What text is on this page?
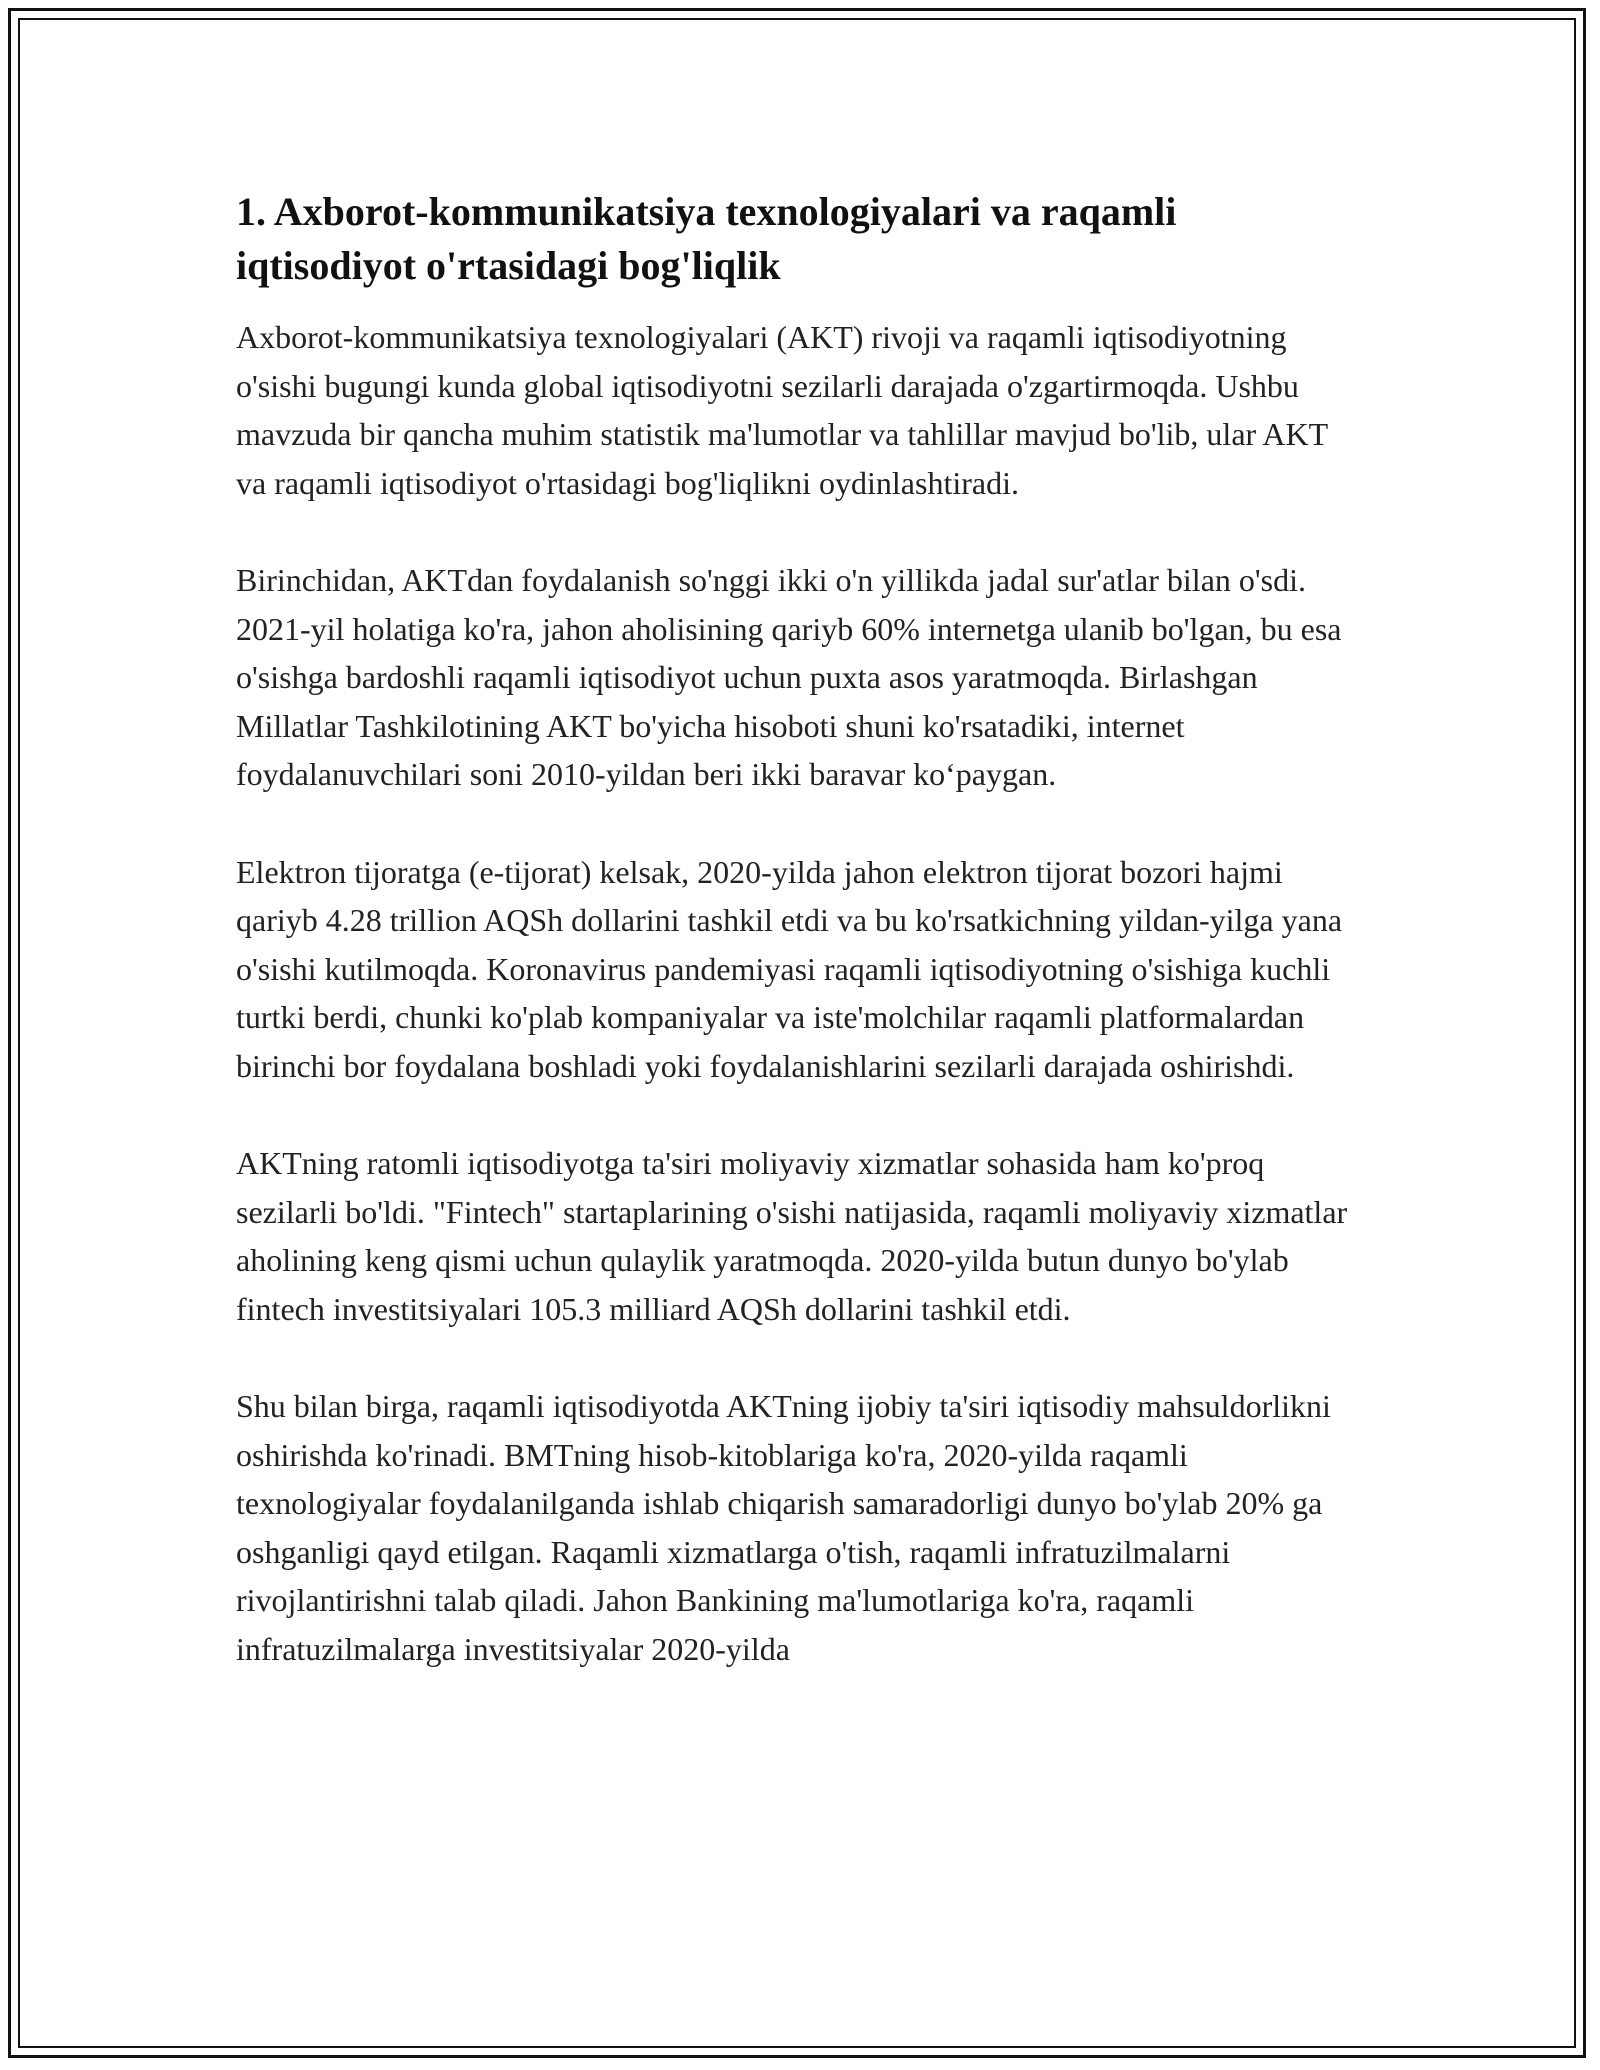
1. Axborot-kommunikatsiya texnologiyalari va raqamli iqtisodiyot o'rtasidagi bog'liqlik

Axborot-kommunikatsiya texnologiyalari (AKT) rivoji va raqamli iqtisodiyotning o'sishi bugungi kunda global iqtisodiyotni sezilarli darajada o'zgartirmoqda. Ushbu mavzuda bir qancha muhim statistik ma'lumotlar va tahlillar mavjud bo'lib, ular AKT va raqamli iqtisodiyot o'rtasidagi bog'liqlikni oydinlashtiradi.

Birinchidan, AKTdan foydalanish so'nggi ikki o'n yillikda jadal sur'atlar bilan o'sdi. 2021-yil holatiga ko'ra, jahon aholisining qariyb 60% internetga ulanib bo'lgan, bu esa o'sishga bardoshli raqamli iqtisodiyot uchun puxta asos yaratmoqda. Birlashgan Millatlar Tashkilotining AKT bo'yicha hisoboti shuni ko'rsatadiki, internet foydalanuvchilari soni 2010-yildan beri ikki baravar ko‘paygan.

Elektron tijoratga (e-tijorat) kelsak, 2020-yilda jahon elektron tijorat bozori hajmi qariyb 4.28 trillion AQSh dollarini tashkil etdi va bu ko'rsatkichning yildan-yilga yana o'sishi kutilmoqda. Koronavirus pandemiyasi raqamli iqtisodiyotning o'sishiga kuchli turtki berdi, chunki ko'plab kompaniyalar va iste'molchilar raqamli platformalardan birinchi bor foydalana boshladi yoki foydalanishlarini sezilarli darajada oshirishdi.

AKTning ratomli iqtisodiyotga ta'siri moliyaviy xizmatlar sohasida ham ko'proq sezilarli bo'ldi. "Fintech" startaplarining o'sishi natijasida, raqamli moliyaviy xizmatlar aholining keng qismi uchun qulaylik yaratmoqda. 2020-yilda butun dunyo bo'ylab fintech investitsiyalari 105.3 milliard AQSh dollarini tashkil etdi.

Shu bilan birga, raqamli iqtisodiyotda AKTning ijobiy ta'siri iqtisodiy mahsuldorlikni oshirishda ko'rinadi. BMTning hisob-kitoblariga ko'ra, 2020-yilda raqamli texnologiyalar foydalanilganda ishlab chiqarish samaradorligi dunyo bo'ylab 20% ga oshganligi qayd etilgan. Raqamli xizmatlarga o'tish, raqamli infratuzilmalarni rivojlantirishni talab qiladi. Jahon Bankining ma'lumotlariga ko'ra, raqamli infratuzilmalarga investitsiyalar 2020-yilda
